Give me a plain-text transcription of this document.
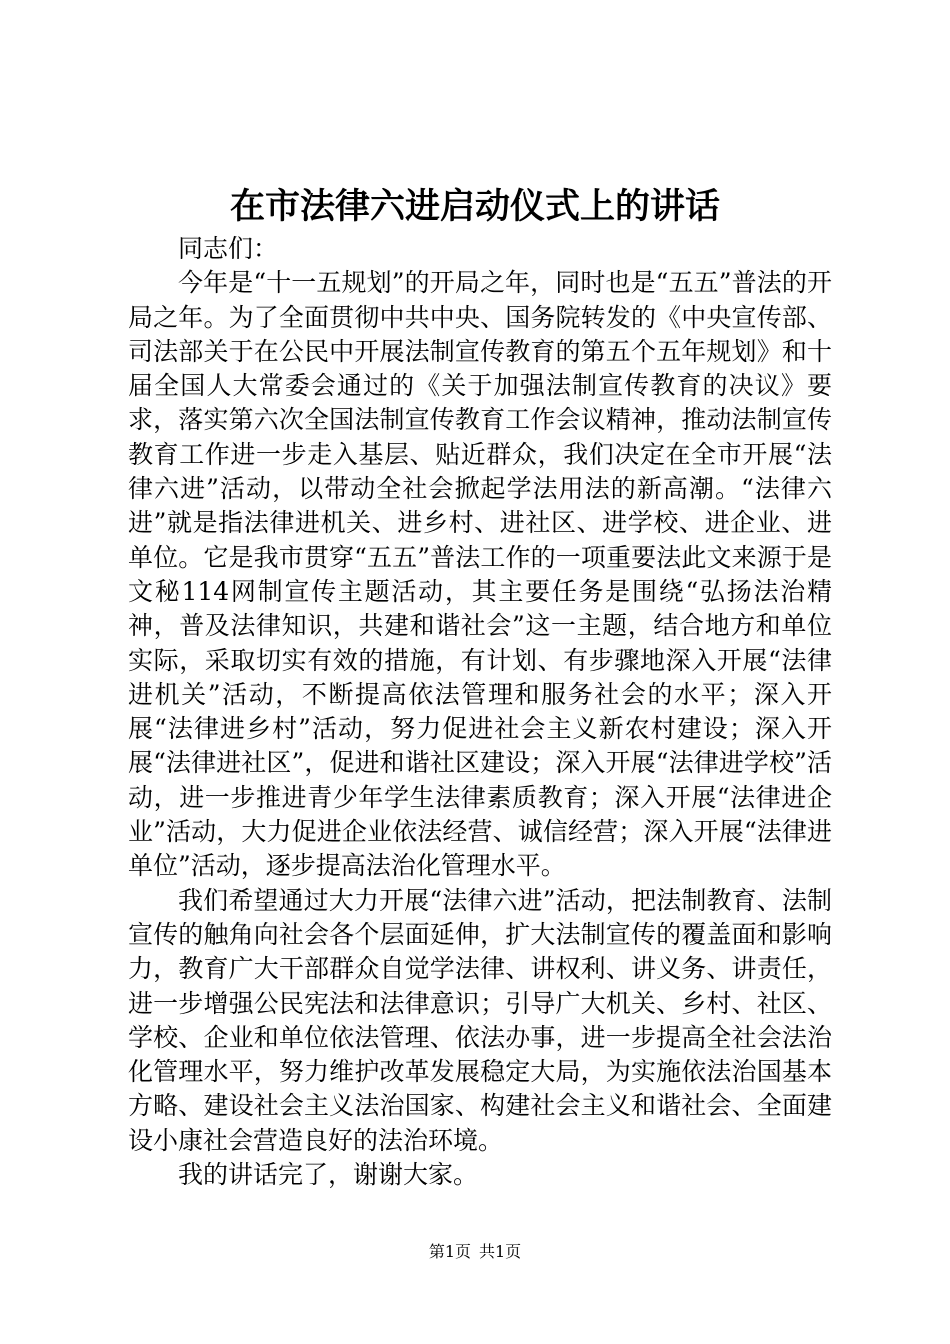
在市法律六进启动仪式上的讲话

同志们：

今年是“十一五规划”的开局之年，同时也是“五五”普法的开局之年。为了全面贯彻中共中央、国务院转发的《中央宣传部、司法部关于在公民中开展法制宣传教育的第五个五年规划》和十届全国人大常委会通过的《关于加强法制宣传教育的决议》要求，落实第六次全国法制宣传教育工作会议精神，推动法制宣传教育工作进一步走入基层、贴近群众，我们决定在全市开展“法律六进”活动，以带动全社会掀起学法用法的新高潮。“法律六进”就是指法律进机关、进乡村、进社区、进学校、进企业、进单位。它是我市贯穿“五五”普法工作的一项重要法此文来源于是文秘114网制宣传主题活动，其主要任务是围绕“弘扬法治精神，普及法律知识，共建和谐社会”这一主题，结合地方和单位实际，采取切实有效的措施，有计划、有步骤地深入开展“法律进机关”活动，不断提高依法管理和服务社会的水平；深入开展“法律进乡村”活动，努力促进社会主义新农村建设；深入开展“法律进社区”，促进和谐社区建设；深入开展“法律进学校”活动，进一步推进青少年学生法律素质教育；深入开展“法律进企业”活动，大力促进企业依法经营、诚信经营；深入开展“法律进单位”活动，逐步提高法治化管理水平。

我们希望通过大力开展“法律六进”活动，把法制教育、法制宣传的触角向社会各个层面延伸，扩大法制宣传的覆盖面和影响力，教育广大干部群众自觉学法律、讲权利、讲义务、讲责任，进一步增强公民宪法和法律意识；引导广大机关、乡村、社区、学校、企业和单位依法管理、依法办事，进一步提高全社会法治化管理水平，努力维护改革发展稳定大局，为实施依法治国基本方略、建设社会主义法治国家、构建社会主义和谐社会、全面建设小康社会营造良好的法治环境。

我的讲话完了，谢谢大家。

第1页 共1页
